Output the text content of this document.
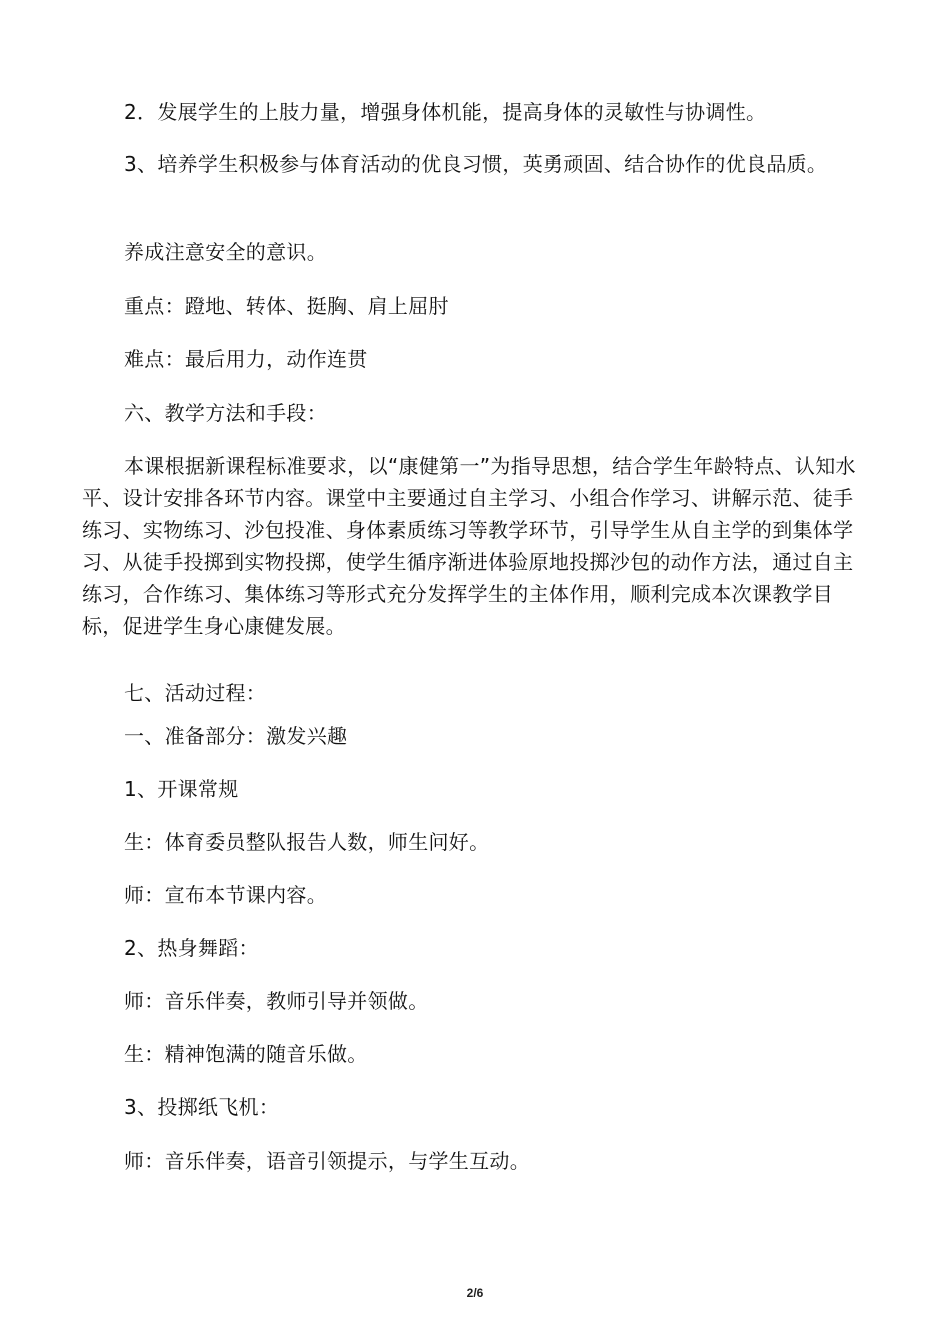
2．发展学生的上肢力量，增强身体机能，提高身体的灵敏性与协调性。

3、培养学生积极参与体育活动的优良习惯，英勇顽固、结合协作的优良品质。

养成注意安全的意识。

重点：蹬地、转体、挺胸、肩上屈肘

难点：最后用力，动作连贯

六、教学方法和手段：

本课根据新课程标准要求，以“康健第一”为指导思想，结合学生年龄特点、认知水平、设计安排各环节内容。课堂中主要通过自主学习、小组合作学习、讲解示范、徒手练习、实物练习、沙包投准、身体素质练习等教学环节，引导学生从自主学的到集体学习、从徒手投掷到实物投掷，使学生循序渐进体验原地投掷沙包的动作方法，通过自主练习，合作练习、集体练习等形式充分发挥学生的主体作用，顺利完成本次课教学目标，促进学生身心康健发展。

七、活动过程：

一、准备部分：激发兴趣

1、开课常规

生：体育委员整队报告人数，师生问好。

师：宣布本节课内容。

2、热身舞蹈：

师：音乐伴奏，教师引导并领做。

生：精神饱满的随音乐做。

3、投掷纸飞机：

师：音乐伴奏，语音引领提示，与学生互动。

2/6
